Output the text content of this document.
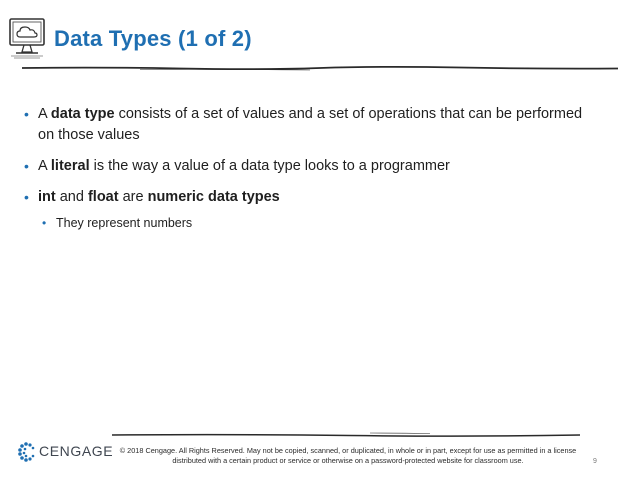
Data Types (1 of 2)
• A data type consists of a set of values and a set of operations that can be performed on those values
• A literal is the way a value of a data type looks to a programmer
• int and float are numeric data types
• They represent numbers
CENGAGE © 2018 Cengage. All Rights Reserved. May not be copied, scanned, or duplicated, in whole or in part, except for use as permitted in a license distributed with a certain product or service or otherwise on a password-protected website for classroom use.	9
